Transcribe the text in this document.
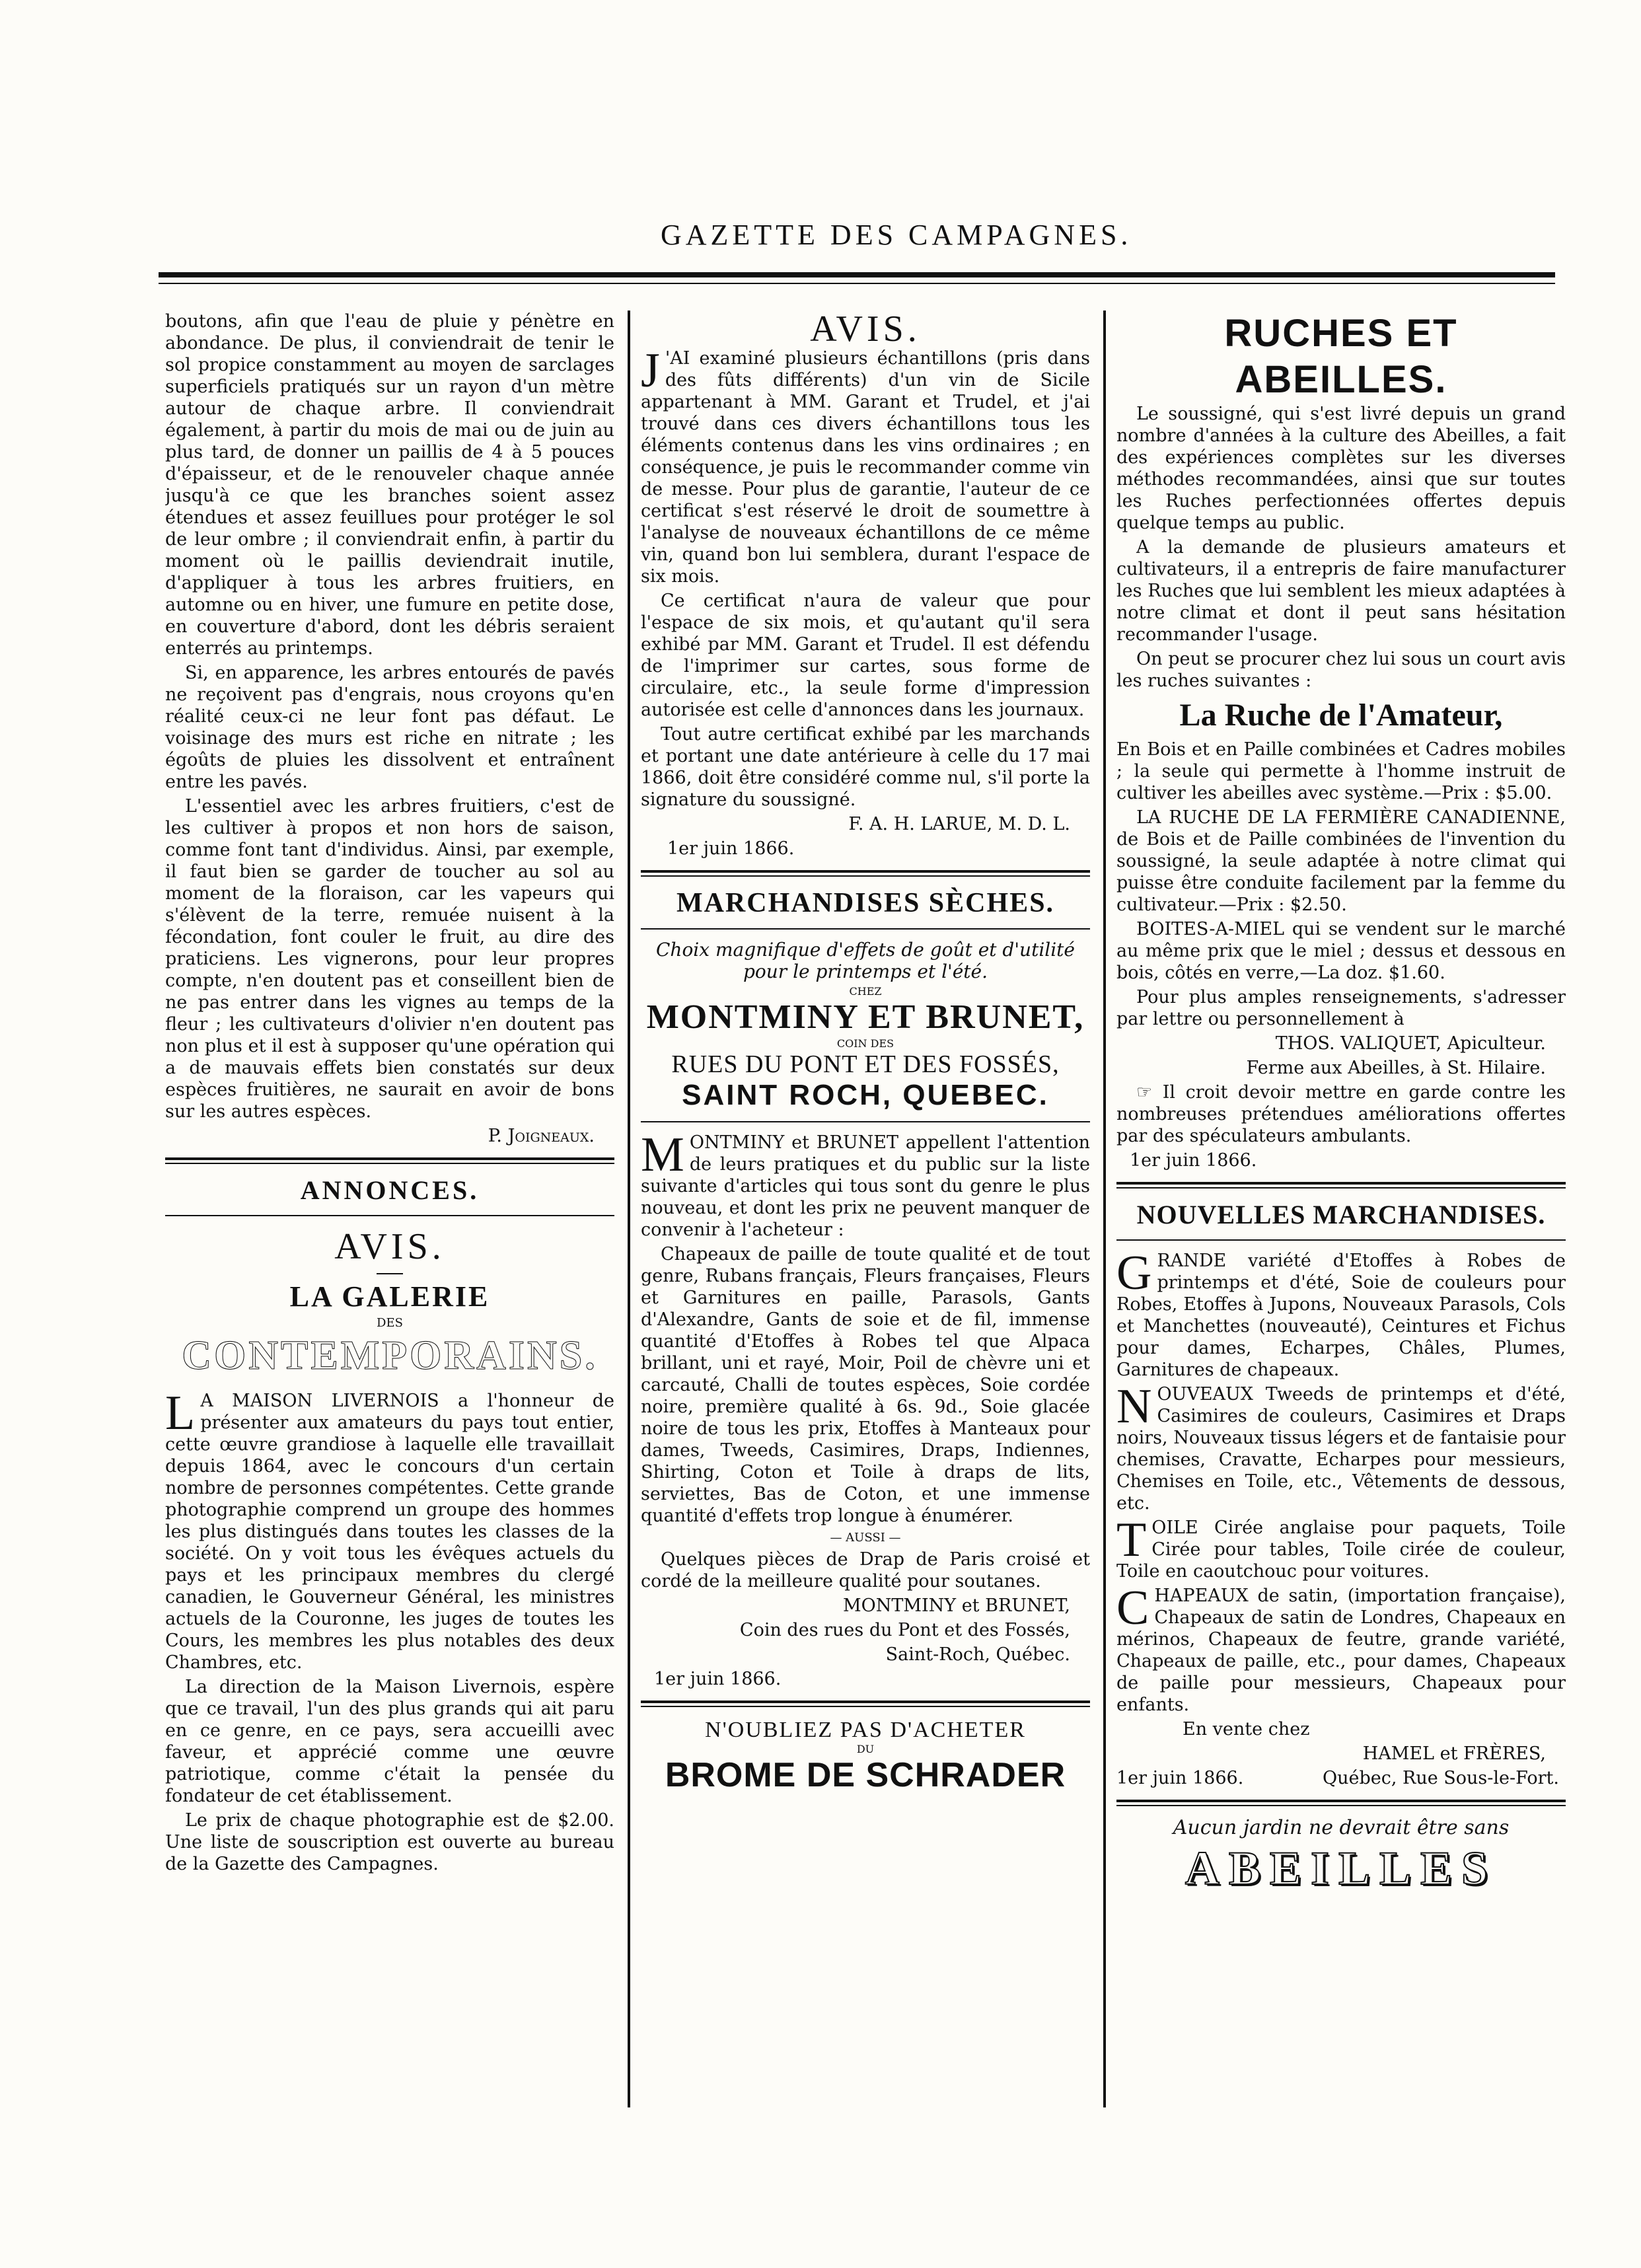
GAZETTE DES CAMPAGNES.

boutons, afin que l'eau de pluie y pénètre en abondance. De plus, il conviendrait de tenir le sol propice constamment au moyen de sarclages superficiels pratiqués sur un rayon d'un mètre autour de chaque arbre. Il conviendrait également, à partir du mois de mai ou de juin au plus tard, de donner un paillis de 4 à 5 pouces d'épaisseur, et de le renouveler chaque année jusqu'à ce que les branches soient assez étendues et assez feuillues pour protéger le sol de leur ombre ; il conviendrait enfin, à partir du moment où le paillis deviendrait inutile, d'appliquer à tous les arbres fruitiers, en automne ou en hiver, une fumure en petite dose, en couverture d'abord, dont les débris seraient enterrés au printemps.

Si, en apparence, les arbres entourés de pavés ne reçoivent pas d'engrais, nous croyons qu'en réalité ceux-ci ne leur font pas défaut. Le voisinage des murs est riche en nitrate ; les égoûts de pluies les dissolvent et entraînent entre les pavés.

L'essentiel avec les arbres fruitiers, c'est de les cultiver à propos et non hors de saison, comme font tant d'individus. Ainsi, par exemple, il faut bien se garder de toucher au sol au moment de la floraison, car les vapeurs qui s'élèvent de la terre, remuée nuisent à la fécondation, font couler le fruit, au dire des praticiens. Les vignerons, pour leur propres compte, n'en doutent pas et conseillent bien de ne pas entrer dans les vignes au temps de la fleur ; les cultivateurs d'olivier n'en doutent pas non plus et il est à supposer qu'une opération qui a de mauvais effets bien constatés sur deux espèces fruitières, ne saurait en avoir de bons sur les autres espèces.

P. Joigneaux.

ANNONCES.
AVIS.
LA GALERIE
DES
CONTEMPORAINS.

L A MAISON LIVERNOIS a l'honneur de présenter aux amateurs du pays tout entier, cette œuvre grandiose à laquelle elle travaillait depuis 1864, avec le concours d'un certain nombre de personnes compétentes. Cette grande photographie comprend un groupe des hommes les plus distingués dans toutes les classes de la société. On y voit tous les évêques actuels du pays et les principaux membres du clergé canadien, le Gouverneur Général, les ministres actuels de la Couronne, les juges de toutes les Cours, les membres les plus notables des deux Chambres, etc.

La direction de la Maison Livernois, espère que ce travail, l'un des plus grands qui ait paru en ce genre, en ce pays, sera accueilli avec faveur, et apprécié comme une œuvre patriotique, comme c'était la pensée du fondateur de cet établissement.

Le prix de chaque photographie est de $2.00. Une liste de souscription est ouverte au bureau de la Gazette des Campagnes.

AVIS.

J 'AI examiné plusieurs échantillons (pris dans des fûts différents) d'un vin de Sicile appartenant à MM. Garant et Trudel, et j'ai trouvé dans ces divers échantillons tous les éléments contenus dans les vins ordinaires ; en conséquence, je puis le recommander comme vin de messe. Pour plus de garantie, l'auteur de ce certificat s'est réservé le droit de soumettre à l'analyse de nouveaux échantillons de ce même vin, quand bon lui semblera, durant l'espace de six mois.

Ce certificat n'aura de valeur que pour l'espace de six mois, et qu'autant qu'il sera exhibé par MM. Garant et Trudel. Il est défendu de l'imprimer sur cartes, sous forme de circulaire, etc., la seule forme d'impression autorisée est celle d'annonces dans les journaux.

Tout autre certificat exhibé par les marchands et portant une date antérieure à celle du 17 mai 1866, doit être considéré comme nul, s'il porte la signature du soussigné.

F. A. H. LARUE, M. D. L.

1er juin 1866.

MARCHANDISES SÈCHES.

Choix magnifique d'effets de goût et d'utilité pour le printemps et l'été.

CHEZ
MONTMINY ET BRUNET,
COIN DES
RUES DU PONT ET DES FOSSÉS,
SAINT ROCH, QUEBEC.

MONTMINY et BRUNET appellent l'attention de leurs pratiques et du public sur la liste suivante d'articles qui tous sont du genre le plus nouveau, et dont les prix ne peuvent manquer de convenir à l'acheteur :

Chapeaux de paille de toute qualité et de tout genre, Rubans français, Fleurs françaises, Fleurs et Garnitures en paille, Parasols, Gants d'Alexandre, Gants de soie et de fil, immense quantité d'Etoffes à Robes tel que Alpaca brillant, uni et rayé, Moir, Poil de chèvre uni et carcauté, Challi de toutes espèces, Soie cordée noire, première qualité à 6s. 9d., Soie glacée noire de tous les prix, Etoffes à Manteaux pour dames, Tweeds, Casimires, Draps, Indiennes, Shirting, Coton et Toile à draps de lits, serviettes, Bas de Coton, et une immense quantité d'effets trop longue à énumérer.

— AUSSI —

Quelques pièces de Drap de Paris croisé et cordé de la meilleure qualité pour soutanes.

MONTMINY et BRUNET,

Coin des rues du Pont et des Fossés,

Saint-Roch, Québec.

1er juin 1866.

N'OUBLIEZ PAS D'ACHETER
DU
BROME DE SCHRADER
RUCHES ET ABEILLES.

Le soussigné, qui s'est livré depuis un grand nombre d'années à la culture des Abeilles, a fait des expériences complètes sur les diverses méthodes recommandées, ainsi que sur toutes les Ruches perfectionnées offertes depuis quelque temps au public.

A la demande de plusieurs amateurs et cultivateurs, il a entrepris de faire manufacturer les Ruches que lui semblent les mieux adaptées à notre climat et dont il peut sans hésitation recommander l'usage.

On peut se procurer chez lui sous un court avis les ruches suivantes :

La Ruche de l'Amateur,

En Bois et en Paille combinées et Cadres mobiles ; la seule qui permette à l'homme instruit de cultiver les abeilles avec système.—Prix : $5.00.

LA RUCHE DE LA FERMIÈRE CANADIENNE, de Bois et de Paille combinées de l'invention du soussigné, la seule adaptée à notre climat qui puisse être conduite facilement par la femme du cultivateur.—Prix : $2.50.

BOITES-A-MIEL qui se vendent sur le marché au même prix que le miel ; dessus et dessous en bois, côtés en verre,—La doz. $1.60.

Pour plus amples renseignements, s'adresser par lettre ou personnellement à

THOS. VALIQUET, Apiculteur.

Ferme aux Abeilles, à St. Hilaire.

☞ Il croit devoir mettre en garde contre les nombreuses prétendues améliorations offertes par des spéculateurs ambulants.

1er juin 1866.

NOUVELLES MARCHANDISES.

GRANDE variété d'Etoffes à Robes de printemps et d'été, Soie de couleurs pour Robes, Etoffes à Jupons, Nouveaux Parasols, Cols et Manchettes (nouveauté), Ceintures et Fichus pour dames, Echarpes, Châles, Plumes, Garnitures de chapeaux.

NOUVEAUX Tweeds de printemps et d'été, Casimires de couleurs, Casimires et Draps noirs, Nouveaux tissus légers et de fantaisie pour chemises, Cravatte, Echarpes pour messieurs, Chemises en Toile, etc., Vêtements de dessous, etc.

TOILE Cirée anglaise pour paquets, Toile Cirée pour tables, Toile cirée de couleur, Toile en caoutchouc pour voitures.

CHAPEAUX de satin, (importation française), Chapeaux de satin de Londres, Chapeaux en mérinos, Chapeaux de feutre, grande variété, Chapeaux de paille, etc., pour dames, Chapeaux de paille pour messieurs, Chapeaux pour enfants.

En vente chez

HAMEL et FRÈRES,

1er juin 1866.	Québec, Rue Sous-le-Fort.

Aucun jardin ne devrait être sans

ABEILLES
